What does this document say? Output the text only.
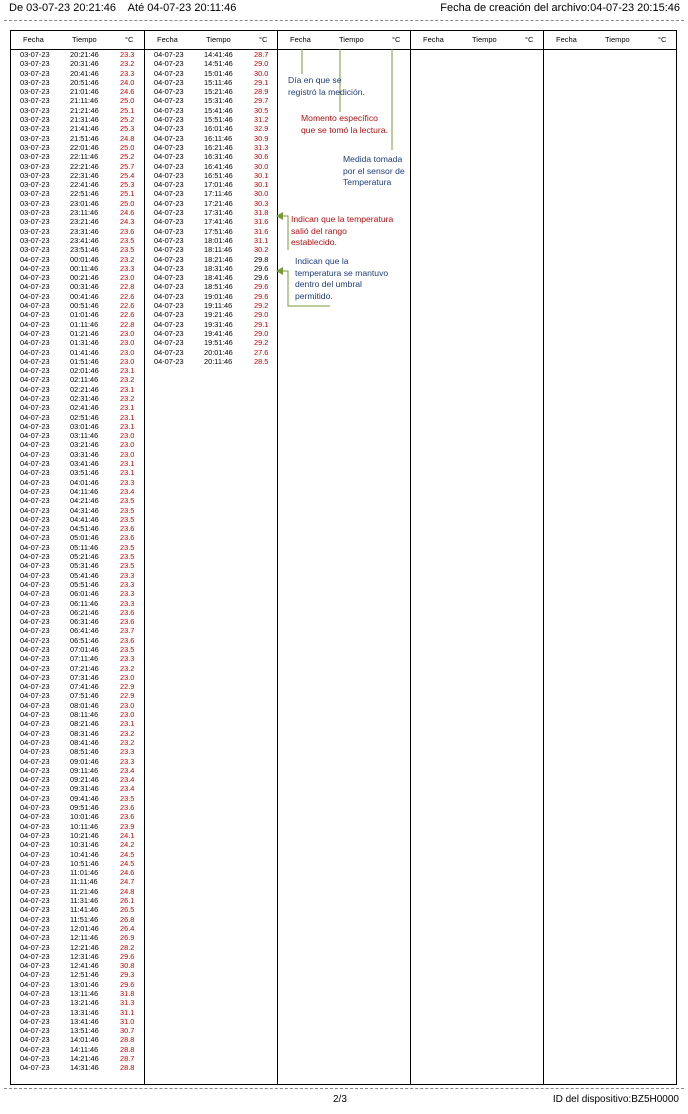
De 03-07-23 20:21:46 Até 04-07-23 20:11:46	Fecha de creación del archivo:04-07-23 20:15:46
Fecha	Tiempo	°C
03-07-23	20:21:46	23.3
03-07-23	20:31:46	23.2
03-07-23	20:41:46	23.3
03-07-23	20:51:46	24.0
03-07-23	21:01:46	24.6
03-07-23	21:11:46	25.0
03-07-23	21:21:46	25.1
03-07-23	21:31:46	25.2
03-07-23	21:41:46	25.3
03-07-23	21:51:46	24.8
03-07-23	22:01:46	25.0
03-07-23	22:11:46	25.2
03-07-23	22:21:46	25.7
03-07-23	22:31:46	25.4
03-07-23	22:41:46	25.3
03-07-23	22:51:46	25.1
03-07-23	23:01:46	25.0
03-07-23	23:11:46	24.6
03-07-23	23:21:46	24.3
03-07-23	23:31:46	23.6
03-07-23	23:41:46	23.5
03-07-23	23:51:46	23.5
04-07-23	00:01:46	23.2
04-07-23	00:11:46	23.3
04-07-23	00:21:46	23.0
04-07-23	00:31:46	22.8
04-07-23	00:41:46	22.6
04-07-23	00:51:46	22.6
04-07-23	01:01:46	22.6
04-07-23	01:11:46	22.8
04-07-23	01:21:46	23.0
04-07-23	01:31:46	23.0
04-07-23	01:41:46	23.0
04-07-23	01:51:46	23.0
04-07-23	02:01:46	23.1
04-07-23	02:11:46	23.2
04-07-23	02:21:46	23.1
04-07-23	02:31:46	23.2
04-07-23	02:41:46	23.1
04-07-23	02:51:46	23.1
04-07-23	03:01:46	23.1
04-07-23	03:11:46	23.0
04-07-23	03:21:46	23.0
04-07-23	03:31:46	23.0
04-07-23	03:41:46	23.1
04-07-23	03:51:46	23.1
04-07-23	04:01:46	23.3
04-07-23	04:11:46	23.4
04-07-23	04:21:46	23.5
04-07-23	04:31:46	23.5
04-07-23	04:41:46	23.5
04-07-23	04:51:46	23.6
04-07-23	05:01:46	23.6
04-07-23	05:11:46	23.5
04-07-23	05:21:46	23.5
04-07-23	05:31:46	23.5
04-07-23	05:41:46	23.3
04-07-23	05:51:46	23.3
04-07-23	06:01:46	23.3
04-07-23	06:11:46	23.3
04-07-23	06:21:46	23.6
04-07-23	06:31:46	23.6
04-07-23	06:41:46	23.7
04-07-23	06:51:46	23.6
04-07-23	07:01:46	23.5
04-07-23	07:11:46	23.3
04-07-23	07:21:46	23.2
04-07-23	07:31:46	23.0
04-07-23	07:41:46	22.9
04-07-23	07:51:46	22.9
04-07-23	08:01:46	23.0
04-07-23	08:11:46	23.0
04-07-23	08:21:46	23.1
04-07-23	08:31:46	23.2
04-07-23	08:41:46	23.2
04-07-23	08:51:46	23.3
04-07-23	09:01:46	23.3
04-07-23	09:11:46	23.4
04-07-23	09:21:46	23.4
04-07-23	09:31:46	23.4
04-07-23	09:41:46	23.5
04-07-23	09:51:46	23.6
04-07-23	10:01:46	23.6
04-07-23	10:11:46	23.9
04-07-23	10:21:46	24.1
04-07-23	10:31:46	24.2
04-07-23	10:41:46	24.5
04-07-23	10:51:46	24.5
04-07-23	11:01:46	24.6
04-07-23	11:11:46	24.7
04-07-23	11:21:46	24.8
04-07-23	11:31:46	26.1
04-07-23	11:41:46	26.5
04-07-23	11:51:46	26.8
04-07-23	12:01:46	26.4
04-07-23	12:11:46	26.9
04-07-23	12:21:46	28.2
04-07-23	12:31:46	29.6
04-07-23	12:41:46	30.8
04-07-23	12:51:46	29.3
04-07-23	13:01:46	29.6
04-07-23	13:11:46	31.8
04-07-23	13:21:46	31.3
04-07-23	13:31:46	31.1
04-07-23	13:41:46	31.0
04-07-23	13:51:46	30.7
04-07-23	14:01:46	28.8
04-07-23	14:11:46	28.8
04-07-23	14:21:46	28.7
04-07-23	14:31:46	28.8
Fecha	Tiempo	°C
04-07-23	14:41:46	28.7
04-07-23	14:51:46	29.0
04-07-23	15:01:46	30.0
04-07-23	15:11:46	29.1
04-07-23	15:21:46	28.9
04-07-23	15:31:46	29.7
04-07-23	15:41:46	30.5
04-07-23	15:51:46	31.2
04-07-23	16:01:46	32.9
04-07-23	16:11:46	30.9
04-07-23	16:21:46	31.3
04-07-23	16:31:46	30.6
04-07-23	16:41:46	30.0
04-07-23	16:51:46	30.1
04-07-23	17:01:46	30.1
04-07-23	17:11:46	30.0
04-07-23	17:21:46	30.3
04-07-23	17:31:46	31.8
04-07-23	17:41:46	31.6
04-07-23	17:51:46	31.6
04-07-23	18:01:46	31.1
04-07-23	18:11:46	30.2
04-07-23	18:21:46	29.8
04-07-23	18:31:46	29.6
04-07-23	18:41:46	29.6
04-07-23	18:51:46	29.6
04-07-23	19:01:46	29.6
04-07-23	19:11:46	29.2
04-07-23	19:21:46	29.0
04-07-23	19:31:46	29.1
04-07-23	19:41:46	29.0
04-07-23	19:51:46	29.2
04-07-23	20:01:46	27.6
04-07-23	20:11:46	28.5
Fecha	Tiempo	°C	Fecha	Tiempo	°C	Fecha	Tiempo	°C
Día en que se registró la medición.
Momento específico que se tomó la lectura.
Medida tomada por el sensor de Temperatura
Indican que la temperatura salió del rango establecido.
Indican que la temperatura se mantuvo dentro del umbral permitido.
2/3	ID del dispositivo:BZ5H0000
